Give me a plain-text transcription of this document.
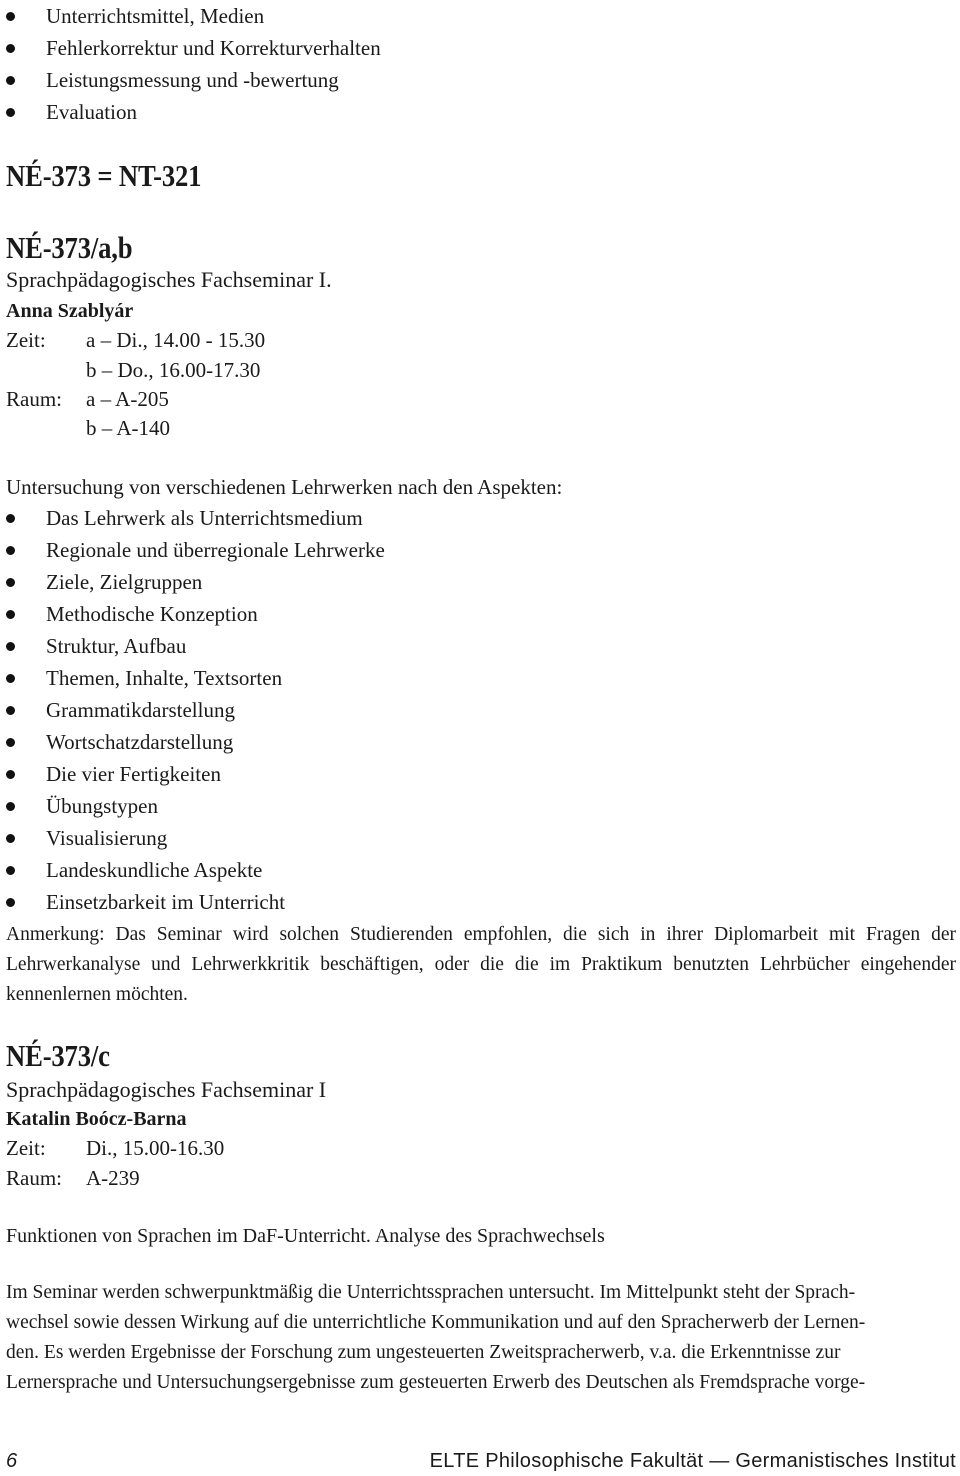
Unterrichtsmittel, Medien
Fehlerkorrektur und Korrekturverhalten
Leistungsmessung und -bewertung
Evaluation
NÉ-373 = NT-321
NÉ-373/a,b
Sprachpädagogisches Fachseminar I.
Anna Szablyár
Zeit: a – Di., 14.00 - 15.30
b – Do., 16.00-17.30
Raum: a – A-205
b – A-140
Untersuchung von verschiedenen Lehrwerken nach den Aspekten:
Das Lehrwerk als Unterrichtsmedium
Regionale und überregionale Lehrwerke
Ziele, Zielgruppen
Methodische Konzeption
Struktur, Aufbau
Themen, Inhalte, Textsorten
Grammatikdarstellung
Wortschatzdarstellung
Die vier Fertigkeiten
Übungstypen
Visualisierung
Landeskundliche Aspekte
Einsetzbarkeit im Unterricht
Anmerkung: Das Seminar wird solchen Studierenden empfohlen, die sich in ihrer Diplomarbeit mit Fragen der Lehrwerkanalyse und Lehrwerkkritik beschäftigen, oder die die im Praktikum benutzten Lehrbücher eingehender kennenlernen möchten.
NÉ-373/c
Sprachpädagogisches Fachseminar I
Katalin Boócz-Barna
Zeit: Di., 15.00-16.30
Raum: A-239
Funktionen von Sprachen im DaF-Unterricht. Analyse des Sprachwechsels
Im Seminar werden schwerpunktmäßig die Unterrichtssprachen untersucht. Im Mittelpunkt steht der Sprach-
wechsel sowie dessen Wirkung auf die unterrichtliche Kommunikation und auf den Spracherwerb der Lernen-
den. Es werden Ergebnisse der Forschung zum ungesteuerten Zweitspracherwerb, v.a. die Erkenntnisse zur
Lernersprache und Untersuchungsergebnisse zum gesteuerten Erwerb des Deutschen als Fremdsprache vorge-
6	ELTE Philosophische Fakultät — Germanistisches Institut
